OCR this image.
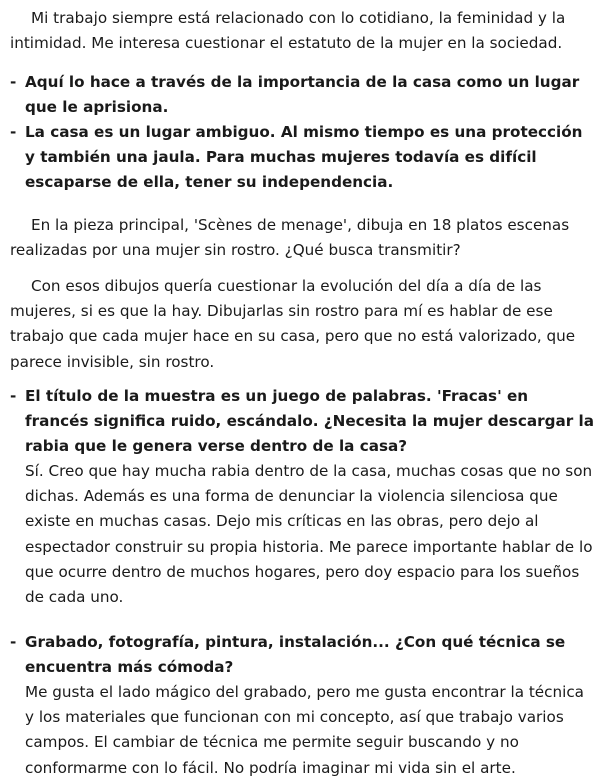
Mi trabajo siempre está relacionado con lo cotidiano, la feminidad y la intimidad. Me interesa cuestionar el estatuto de la mujer en la sociedad.

- Aquí lo hace a través de la importancia de la casa como un lugar que le aprisiona.

- La casa es un lugar ambiguo. Al mismo tiempo es una protección y también una jaula. Para muchas mujeres todavía es difícil escaparse de ella, tener su independencia.

En la pieza principal, 'Scènes de menage', dibuja en 18 platos escenas realizadas por una mujer sin rostro. ¿Qué busca transmitir?

Con esos dibujos quería cuestionar la evolución del día a día de las mujeres, si es que la hay. Dibujarlas sin rostro para mí es hablar de ese trabajo que cada mujer hace en su casa, pero que no está valorizado, que parece invisible, sin rostro.

- El título de la muestra es un juego de palabras. 'Fracas' en francés significa ruido, escándalo. ¿Necesita la mujer descargar la rabia que le genera verse dentro de la casa?

Sí. Creo que hay mucha rabia dentro de la casa, muchas cosas que no son dichas. Además es una forma de denunciar la violencia silenciosa que existe en muchas casas. Dejo mis críticas en las obras, pero dejo al espectador construir su propia historia. Me parece importante hablar de lo que ocurre dentro de muchos hogares, pero doy espacio para los sueños de cada uno.

- Grabado, fotografía, pintura, instalación... ¿Con qué técnica se encuentra más cómoda?

Me gusta el lado mágico del grabado, pero me gusta encontrar la técnica y los materiales que funcionan con mi concepto, así que trabajo varios campos. El cambiar de técnica me permite seguir buscando y no conformarme con lo fácil. No podría imaginar mi vida sin el arte.
